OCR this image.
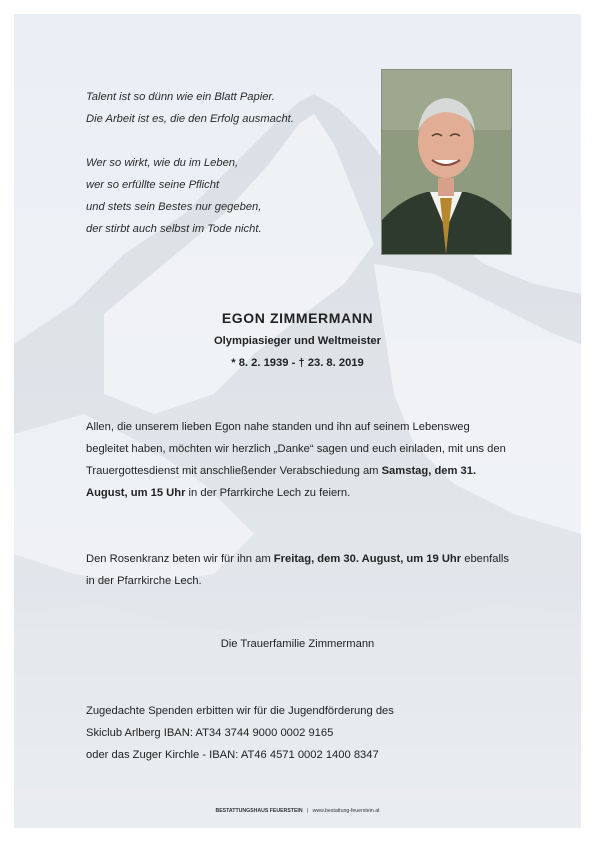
Talent ist so dünn wie ein Blatt Papier.
Die Arbeit ist es, die den Erfolg ausmacht.
Wer so wirkt, wie du im Leben,
wer so erfüllte seine Pflicht
und stets sein Bestes nur gegeben,
der stirbt auch selbst im Tode nicht.
EGON ZIMMERMANN
Olympiasieger und Weltmeister
* 8. 2. 1939 - † 23. 8. 2019

Allen, die unserem lieben Egon nahe standen und ihn auf seinem Lebensweg begleitet haben, möchten wir herzlich „Danke“ sagen und euch einladen, mit uns den Trauergottesdienst mit anschließender Verabschiedung am Samstag, dem 31. August, um 15 Uhr in der Pfarrkirche Lech zu feiern.

Den Rosenkranz beten wir für ihn am Freitag, dem 30. August, um 19 Uhr ebenfalls in der Pfarrkirche Lech.

Die Trauerfamilie Zimmermann
Zugedachte Spenden erbitten wir für die Jugendförderung des
Skiclub Arlberg IBAN: AT34 3744 9000 0002 9165
oder das Zuger Kirchle - IBAN: AT46 4571 0002 1400 8347
BESTATTUNGSHAUS FEUERSTEIN | www.bestattung-feuerstein.at
